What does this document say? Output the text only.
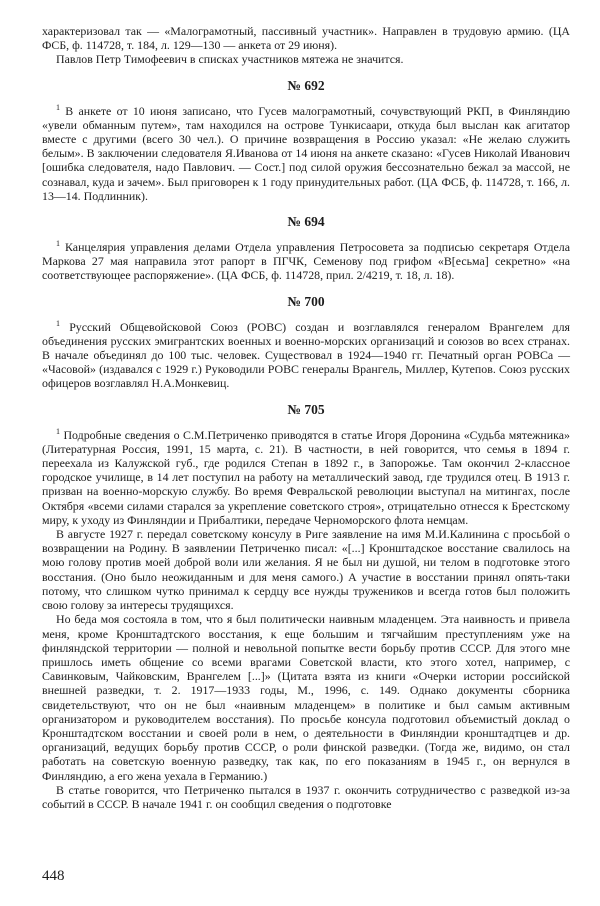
характеризовал так — «Малограмотный, пассивный участник». Направлен в трудовую армию. (ЦА ФСБ, ф. 114728, т. 184, л. 129—130 — анкета от 29 июня).

Павлов Петр Тимофеевич в списках участников мятежа не значится.

№ 692

$^1$ В анкете от 10 июня записано, что Гусев малограмотный, сочувствующий РКП, в Финляндию «увели обманным путем», там находился на острове Тункисаари, откуда был выслан как агитатор вместе с другими (всего 30 чел.). О причине возвращения в Россию указал: «Не желаю служить белым». В заключении следователя Я.Иванова от 14 июня на анкете сказано: «Гусев Николай Иванович [ошибка следователя, надо Павлович. — Сост.] под силой оружия бессознательно бежал за массой, не сознавал, куда и зачем». Был приговорен к 1 году принудительных работ. (ЦА ФСБ, ф. 114728, т. 166, л. 13—14. Подлинник).

№ 694

$^1$ Канцелярия управления делами Отдела управления Петросовета за подписью секретаря Отдела Маркова 27 мая направила этот рапорт в ПГЧК, Семенову под грифом «В[есьма] секретно» «на соответствующее распоряжение». (ЦА ФСБ, ф. 114728, прил. 2/4219, т. 18, л. 18).

№ 700

$^1$ Русский Общевойсковой Союз (РОВС) создан и возглавлялся генералом Врангелем для объединения русских эмигрантских военных и военно-морских организаций и союзов во всех странах. В начале объединял до 100 тыс. человек. Существовал в 1924—1940 гг. Печатный орган РОВСа — «Часовой» (издавался с 1929 г.) Руководили РОВС генералы Врангель, Миллер, Кутепов. Союз русских офицеров возглавлял Н.А.Монкевиц.

№ 705

$^1$ Подробные сведения о С.М.Петриченко приводятся в статье Игоря Доронина «Судьба мятежника» (Литературная Россия, 1991, 15 марта, с. 21). В частности, в ней говорится, что семья в 1894 г. переехала из Калужской губ., где родился Степан в 1892 г., в Запорожье. Там окончил 2-классное городское училище, в 14 лет поступил на работу на металлический завод, где трудился отец. В 1913 г. призван на военно-морскую службу. Во время Февральской революции выступал на митингах, после Октября «всеми силами старался за укрепление советского строя», отрицательно отнесся к Брестскому миру, к уходу из Финляндии и Прибалтики, передаче Черноморского флота немцам.

В августе 1927 г. передал советскому консулу в Риге заявление на имя М.И.Калинина с просьбой о возвращении на Родину. В заявлении Петриченко писал: «[...] Кронштадское восстание свалилось на мою голову против моей доброй воли или желания. Я не был ни душой, ни телом в подготовке этого восстания. (Оно было неожиданным и для меня самого.) А участие в восстании принял опять-таки потому, что слишком чутко принимал к сердцу все нужды тружеников и всегда готов был положить свою голову за интересы трудящихся.

Но беда моя состояла в том, что я был политически наивным младенцем. Эта наивность и привела меня, кроме Кронштадтского восстания, к еще большим и тягчайшим преступлениям уже на финляндской территории — полной и невольной попытке вести борьбу против СССР. Для этого мне пришлось иметь общение со всеми врагами Советской власти, кто этого хотел, например, с Савинковым, Чайковским, Врангелем [...]» (Цитата взята из книги «Очерки истории российской внешней разведки, т. 2. 1917—1933 годы, М., 1996, с. 149. Однако документы сборника свидетельствуют, что он не был «наивным младенцем» в политике и был самым активным организатором и руководителем восстания). По просьбе консула подготовил объемистый доклад о Кронштадтском восстании и своей роли в нем, о деятельности в Финляндии кронштадтцев и др. организаций, ведущих борьбу против СССР, о роли финской разведки. (Тогда же, видимо, он стал работать на советскую военную разведку, так как, по его показаниям в 1945 г., он вернулся в Финляндию, а его жена уехала в Германию.)

В статье говорится, что Петриченко пытался в 1937 г. окончить сотрудничество с разведкой из-за событий в СССР. В начале 1941 г. он сообщил сведения о подготовке

448
